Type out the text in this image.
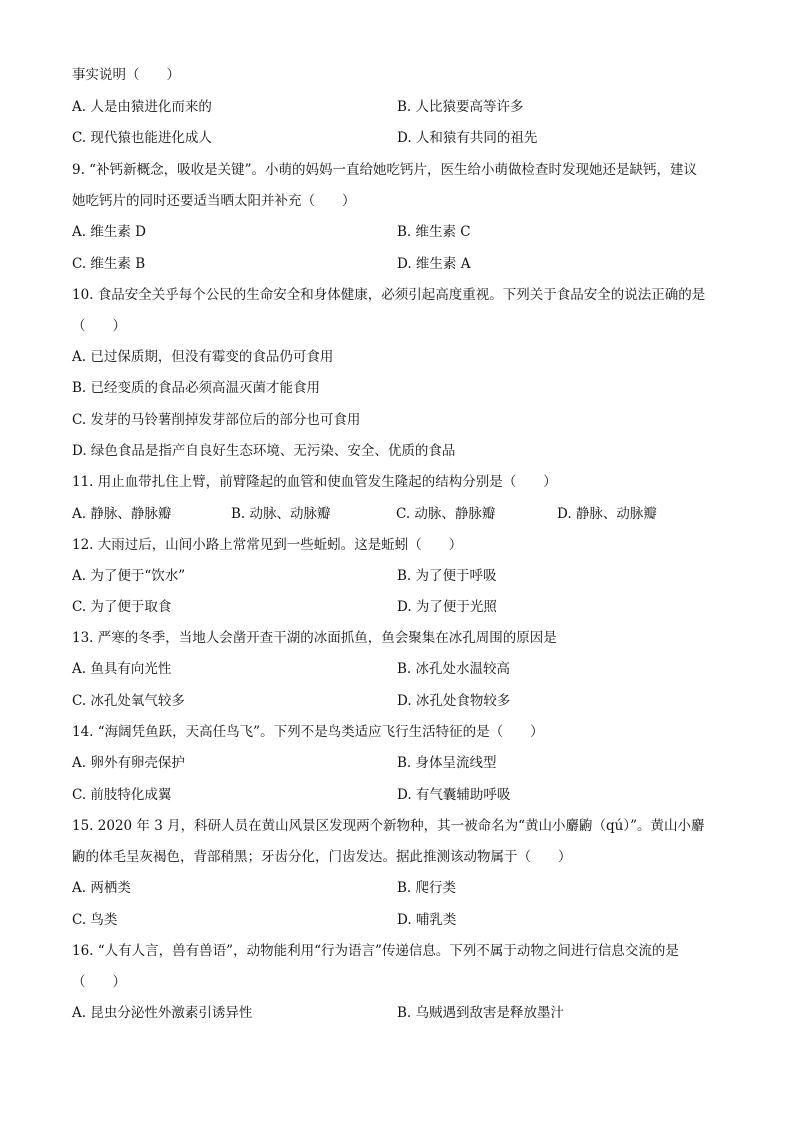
事实说明（　　）
A. 人是由猿进化而来的	B. 人比猿要高等许多
C. 现代猿也能进化成人	D. 人和猿有共同的祖先
9. “补钙新概念，吸收是关键”。小萌的妈妈一直给她吃钙片，医生给小萌做检查时发现她还是缺钙，建议
她吃钙片的同时还要适当晒太阳并补充（　　）
A. 维生素 D	B. 维生素 C
C. 维生素 B	D. 维生素 A
10. 食品安全关乎每个公民的生命安全和身体健康，必须引起高度重视。下列关于食品安全的说法正确的是
（　　）
A. 已过保质期，但没有霉变的食品仍可食用
B. 已经变质的食品必须高温灭菌才能食用
C. 发芽的马铃薯削掉发芽部位后的部分也可食用
D. 绿色食品是指产自良好生态环境、无污染、安全、优质的食品
11. 用止血带扎住上臂，前臂隆起的血管和使血管发生隆起的结构分别是（　　）
A. 静脉、静脉瓣	B. 动脉、动脉瓣	C. 动脉、静脉瓣	D. 静脉、动脉瓣
12. 大雨过后，山间小路上常常见到一些蚯蚓。这是蚯蚓（　　）
A. 为了便于“饮水”	B. 为了便于呼吸
C. 为了便于取食	D. 为了便于光照
13. 严寒的冬季，当地人会凿开查干湖的冰面抓鱼，鱼会聚集在冰孔周围的原因是
A. 鱼具有向光性	B. 冰孔处水温较高
C. 冰孔处氧气较多	D. 冰孔处食物较多
14. “海阔凭鱼跃，天高任鸟飞”。下列不是鸟类适应飞行生活特征的是（　　）
A. 卵外有卵壳保护	B. 身体呈流线型
C. 前肢特化成翼	D. 有气囊辅助呼吸
15. 2020 年 3 月，科研人员在黄山风景区发现两个新物种，其一被命名为“黄山小麝鼩（qú）”。黄山小麝
鼩的体毛呈灰褐色，背部稍黑；牙齿分化，门齿发达。据此推测该动物属于（　　）
A. 两栖类	B. 爬行类
C. 鸟类	D. 哺乳类
16. “人有人言，兽有兽语”，动物能利用“行为语言”传递信息。下列不属于动物之间进行信息交流的是
（　　）
A. 昆虫分泌性外激素引诱异性	B. 乌贼遇到敌害是释放墨汁
